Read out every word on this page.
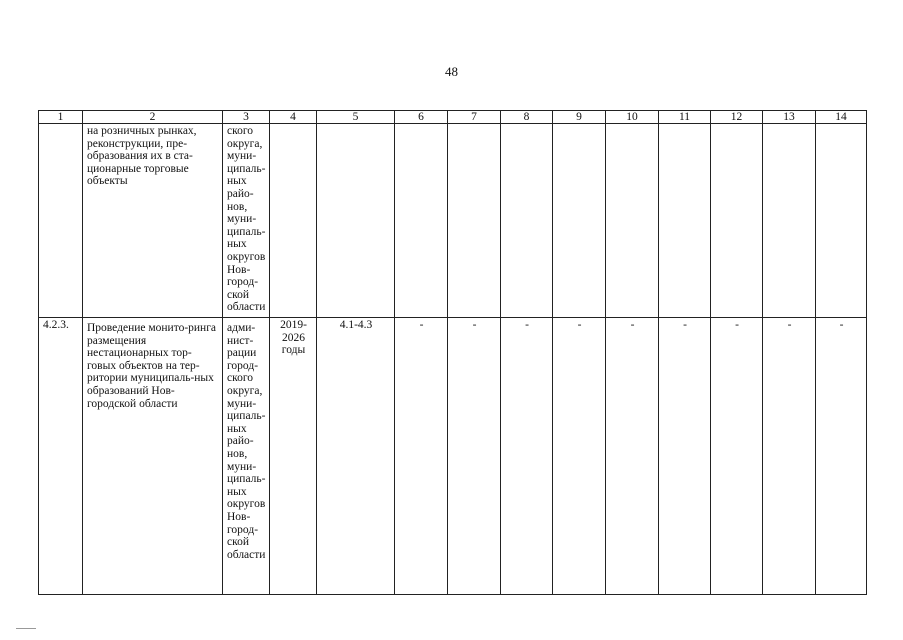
48
1	2	3	4	5	6	7	8	9	10	11	12	13	14
	на розничных рынках, реконструкции, пре-образования их в ста-ционарные торговые объекты	ского округа, муни-ципаль-ных райо-нов, муни-ципаль-ных округов Нов-город-ской области											
4.2.3.	Проведение монито-ринга размещения нестационарных тор-говых объектов на тер-ритории муниципаль-ных образований Нов-городской области	адми-нист-рации город-ского округа, муни-ципаль-ных райо-нов, муни-ципаль-ных округов Нов-город-ской области	2019-2026 годы	4.1-4.3	-	-	-	-	-	-	-	-	-
